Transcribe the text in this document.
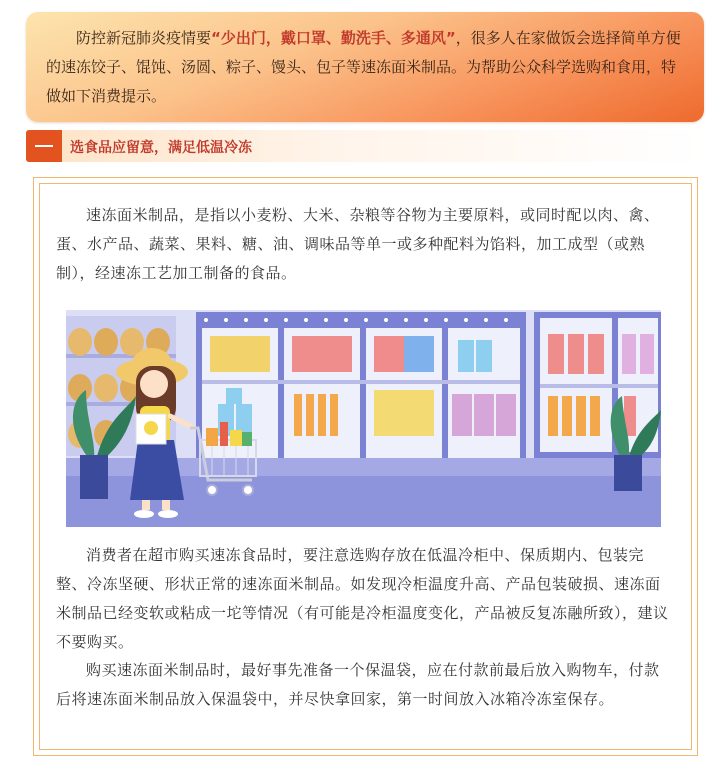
防控新冠肺炎疫情要“少出门，戴口罩、勤洗手、多通风”，很多人在家做饭会选择简单方便的速冻饺子、馄饨、汤圆、粽子、馒头、包子等速冻面米制品。为帮助公众科学选购和食用，特做如下消费提示。

选食品应留意，满足低温冷冻

速冻面米制品，是指以小麦粉、大米、杂粮等谷物为主要原料，或同时配以肉、禽、蛋、水产品、蔬菜、果料、糖、油、调味品等单一或多种配料为馅料，加工成型（或熟制），经速冻工艺加工制备的食品。

消费者在超市购买速冻食品时，要注意选购存放在低温冷柜中、保质期内、包装完整、冷冻坚硬、形状正常的速冻面米制品。如发现冷柜温度升高、产品包装破损、速冻面米制品已经变软或粘成一坨等情况（有可能是冷柜温度变化，产品被反复冻融所致），建议不要购买。

购买速冻面米制品时，最好事先准备一个保温袋，应在付款前最后放入购物车，付款后将速冻面米制品放入保温袋中，并尽快拿回家，第一时间放入冰箱冷冻室保存。
